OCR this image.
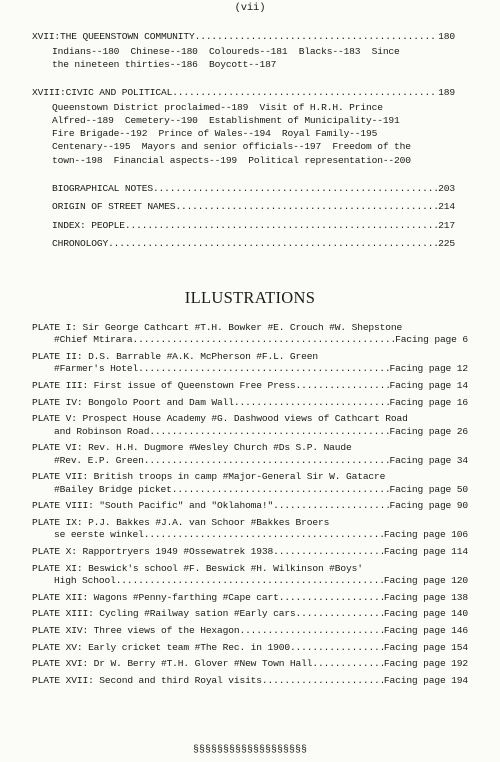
(vii)
XVII:THE QUEENSTOWN COMMUNITY .....	180
Indians--180  Chinese--180  Coloureds--181  Blacks--183  Since
the nineteen thirties--186  Boycott--187
XVIII:CIVIC AND POLITICAL .....	189
Queenstown District proclaimed--189  Visit of H.R.H. Prince
Alfred--189  Cemetery--190  Establishment of Municipality--191
Fire Brigade--192  Prince of Wales--194  Royal Family--195
Centenary--195  Mayors and senior officials--197  Freedom of the
town--198  Financial aspects--199  Political representation--200
BIOGRAPHICAL NOTES .....	203
ORIGIN OF STREET NAMES .....	214
INDEX: PEOPLE .....	217
CHRONOLOGY .....	225
ILLUSTRATIONS
PLATE I: Sir George Cathcart #T.H. Bowker #E. Crouch #W. Shepstone
#Chief Mtirara .....	Facing page 6
PLATE II: D.S. Barrable #A.K. McPherson #F.L. Green
#Farmer's Hotel .....	Facing page 12
PLATE III: First issue of Queenstown Free Press .....	Facing page 14
PLATE IV: Bongolo Poort and Dam Wall .....	Facing page 16
PLATE V: Prospect House Academy #G. Dashwood views of Cathcart Road
and Robinson Road .....	Facing page 26
PLATE VI: Rev. H.H. Dugmore #Wesley Church #Ds S.P. Naude
#Rev. E.P. Green .....	Facing page 34
PLATE VII: British troops in camp #Major-General Sir W. Gatacre
#Bailey Bridge picket .....	Facing page 50
PLATE VIII: "South Pacific" and "Oklahoma!" .....	Facing page 90
PLATE IX: P.J. Bakkes #J.A. van Schoor #Bakkes Broers
se eerste winkel .....	Facing page 106
PLATE X: Rapportryers 1949 #Ossewatrek 1938 .....	Facing page 114
PLATE XI: Beswick's school #F. Beswick #H. Wilkinson #Boys'
High School .....	Facing page 120
PLATE XII: Wagons #Penny-farthing #Cape cart .....	Facing page 138
PLATE XIII: Cycling #Railway sation #Early cars .....	Facing page 140
PLATE XIV: Three views of the Hexagon .....	Facing page 146
PLATE XV: Early cricket team #The Rec. in 1900 .....	Facing page 154
PLATE XVI: Dr W. Berry #T.H. Glover #New Town Hall .....	Facing page 192
PLATE XVII: Second and third Royal visits .....	Facing page 194
§§§§§§§§§§§§§§§§§§§
